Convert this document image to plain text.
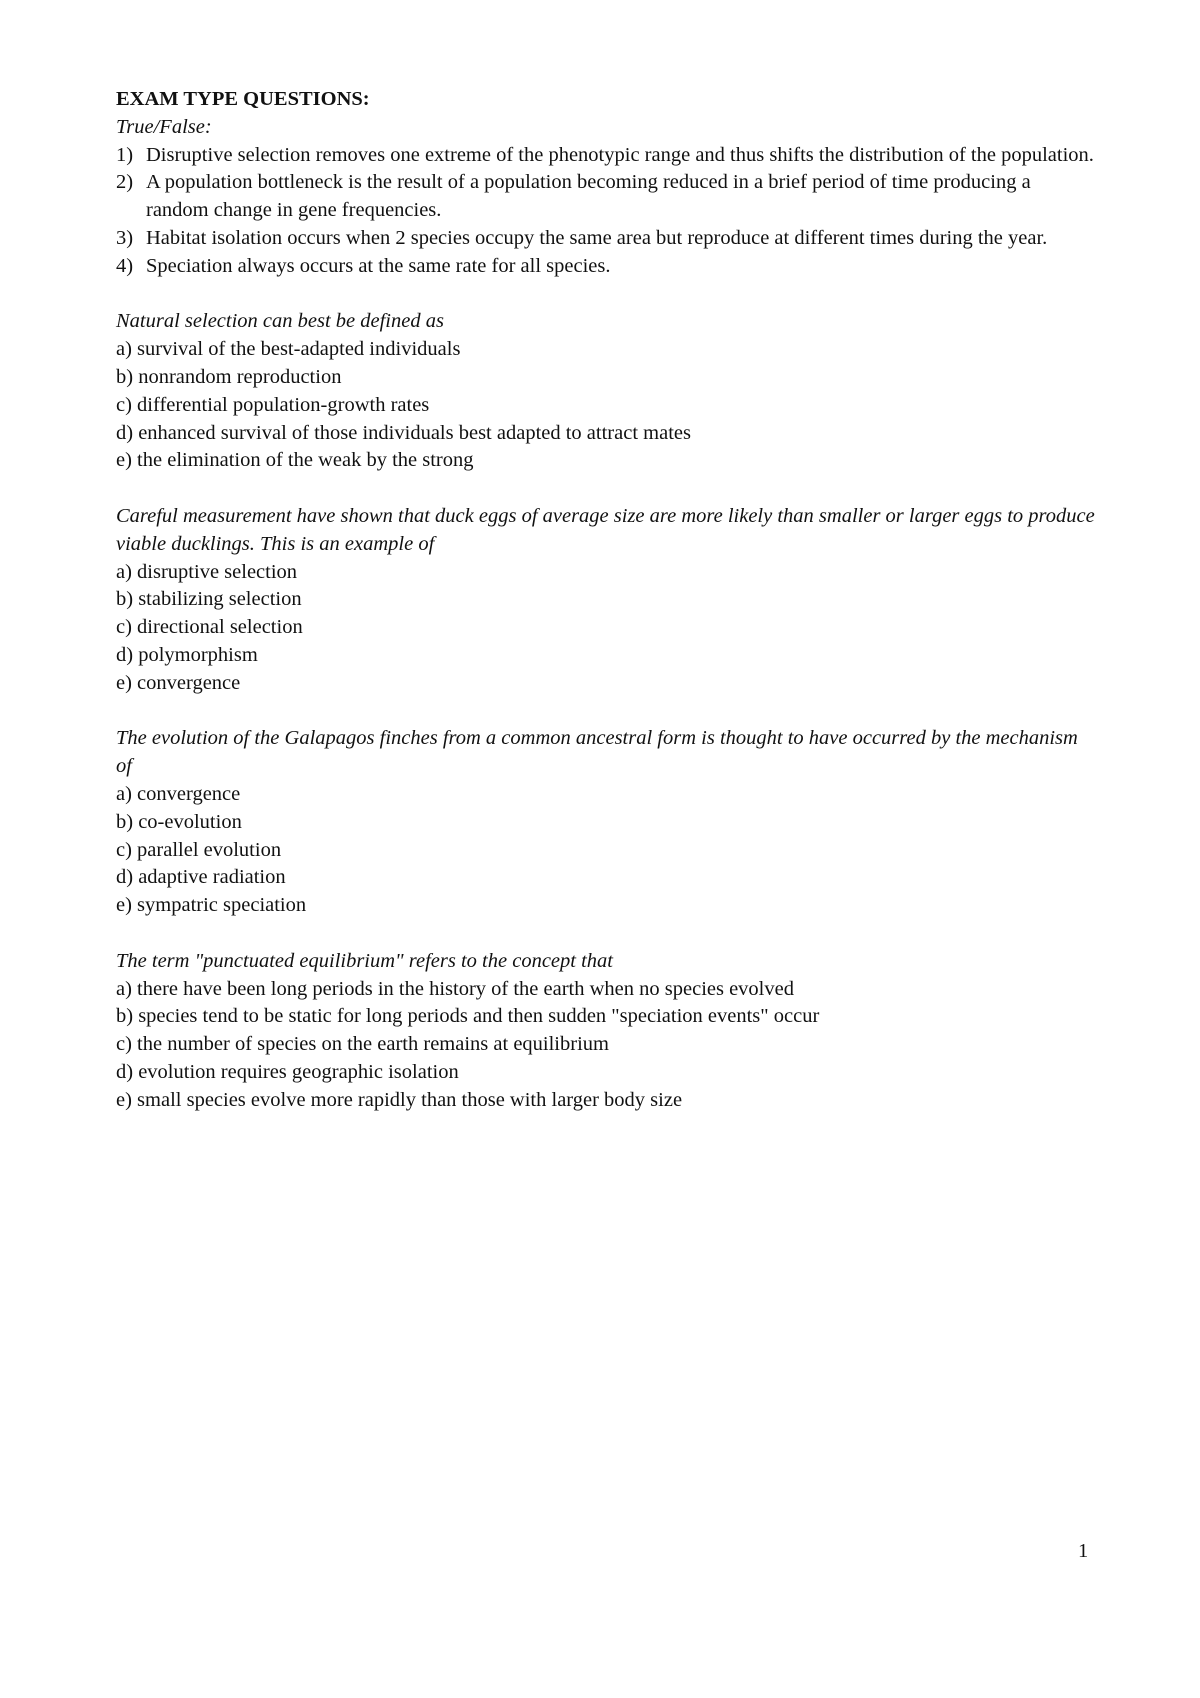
EXAM TYPE QUESTIONS:

True/False:

1) Disruptive selection removes one extreme of the phenotypic range and thus shifts the distribution of the population.
2) A population bottleneck is the result of a population becoming reduced in a brief period of time producing a random change in gene frequencies.
3) Habitat isolation occurs when 2 species occupy the same area but reproduce at different times during the year.
4) Speciation always occurs at the same rate for all species.

Natural selection can best be defined as

a) survival of the best-adapted individuals

b) nonrandom reproduction

c) differential population-growth rates

d) enhanced survival of those individuals best adapted to attract mates

e) the elimination of the weak by the strong

Careful measurement have shown that duck eggs of average size are more likely than smaller or larger eggs to produce viable ducklings. This is an example of

a) disruptive selection

b) stabilizing selection

c) directional selection

d) polymorphism

e) convergence

The evolution of the Galapagos finches from a common ancestral form is thought to have occurred by the mechanism of

a) convergence

b) co-evolution

c) parallel evolution

d) adaptive radiation

e) sympatric speciation

The term "punctuated equilibrium" refers to the concept that

a) there have been long periods in the history of the earth when no species evolved

b) species tend to be static for long periods and then sudden "speciation events" occur

c) the number of species on the earth remains at equilibrium

d) evolution requires geographic isolation

e) small species evolve more rapidly than those with larger body size

1
